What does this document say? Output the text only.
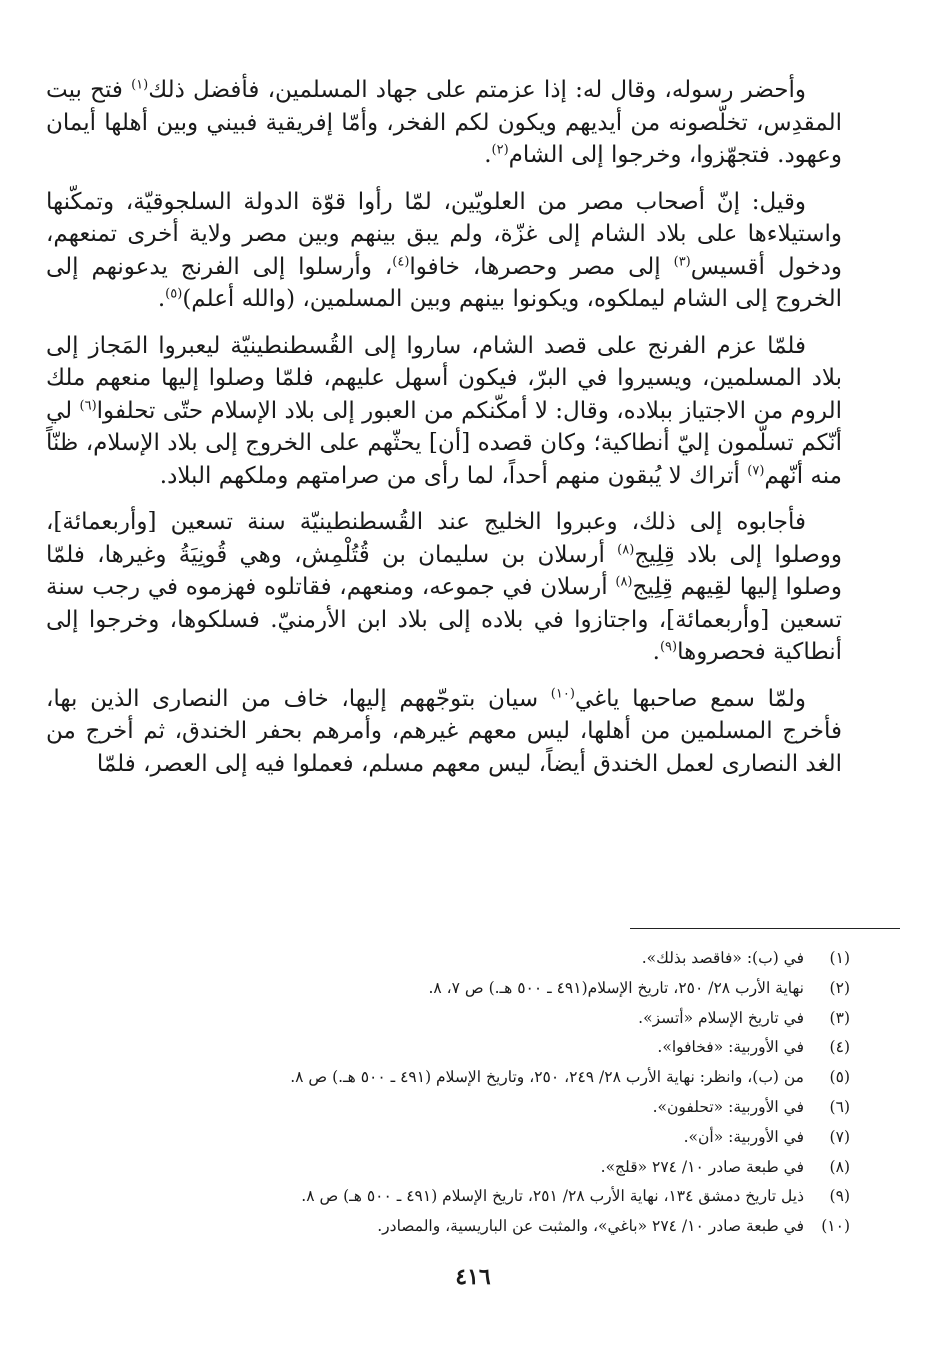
وأحضر رسوله، وقال له: إذا عزمتم على جهاد المسلمين، فأفضل ذلك$^{(١)}$ فتح بيت المقدِس، تخلّصونه من أيديهم ويكون لكم الفخر، وأمّا إفريقية فبيني وبين أهلها أيمان وعهود. فتجهّزوا، وخرجوا إلى الشام$^{(٢)}$.

وقيل: إنّ أصحاب مصر من العلويّين، لمّا رأوا قوّة الدولة السلجوقيّة، وتمكّنها واستيلاءها على بلاد الشام إلى غزّة، ولم يبق بينهم وبين مصر ولاية أخرى تمنعهم، ودخول أقسيس$^{(٣)}$ إلى مصر وحصرها، خافوا$^{(٤)}$، وأرسلوا إلى الفرنج يدعونهم إلى الخروج إلى الشام ليملكوه، ويكونوا بينهم وبين المسلمين، (والله أعلم)$^{(٥)}$.

فلمّا عزم الفرنج على قصد الشام، ساروا إلى القُسطنطينيّة ليعبروا المَجاز إلى بلاد المسلمين، ويسيروا في البرّ، فيكون أسهل عليهم، فلمّا وصلوا إليها منعهم ملك الروم من الاجتياز ببلاده، وقال: لا أمكّنكم من العبور إلى بلاد الإسلام حتّى تحلفوا$^{(٦)}$ لي أنّكم تسلّمون إليّ أنطاكية؛ وكان قصده [أن] يحثّهم على الخروج إلى بلاد الإسلام، ظنّاً منه أنّهم$^{(٧)}$ أتراك لا يُبقون منهم أحداً، لما رأى من صرامتهم وملكهم البلاد.

فأجابوه إلى ذلك، وعبروا الخليج عند القُسطنطينيّة سنة تسعين [وأربعمائة]، ووصلوا إلى بلاد قِلِيج$^{(٨)}$ أرسلان بن سليمان بن قُتُلْمِش، وهي قُونِيَةُ وغيرها، فلمّا وصلوا إليها لقِيهم قِلِيج$^{(٨)}$ أرسلان في جموعه، ومنعهم، فقاتلوه فهزموه في رجب سنة تسعين [وأربعمائة]، واجتازوا في بلاده إلى بلاد ابن الأرمنيّ. فسلكوها، وخرجوا إلى أنطاكية فحصروها$^{(٩)}$.

ولمّا سمع صاحبها ياغي$^{(١٠)}$ سيان بتوجّههم إليها، خاف من النصارى الذين بها، فأخرج المسلمين من أهلها، ليس معهم غيرهم، وأمرهم بحفر الخندق، ثم أخرج من الغد النصارى لعمل الخندق أيضاً، ليس معهم مسلم، فعملوا فيه إلى العصر، فلمّا

(١)
في (ب): «فاقصد بذلك».
(٢)
نهاية الأرب ٢٨/ ٢٥٠، تاريخ الإسلام(٤٩١ ـ ٥٠٠ هـ.) ص ٧، ٨.
(٣)
في تاريخ الإسلام «أتسز».
(٤)
في الأوربية: «فخافوا».
(٥)
من (ب)، وانظر: نهاية الأرب ٢٨/ ٢٤٩، ٢٥٠، وتاريخ الإسلام (٤٩١ ـ ٥٠٠ هـ.) ص ٨.
(٦)
في الأوربية: «تحلفون».
(٧)
في الأوربية: «أن».
(٨)
في طبعة صادر ١٠/ ٢٧٤ «قلج».
(٩)
ذيل تاريخ دمشق ١٣٤، نهاية الأرب ٢٨/ ٢٥١، تاريخ الإسلام (٤٩١ ـ ٥٠٠ هـ) ص ٨.
(١٠)
في طبعة صادر ١٠/ ٢٧٤ «باغي»، والمثبت عن الباريسية، والمصادر.
٤١٦
